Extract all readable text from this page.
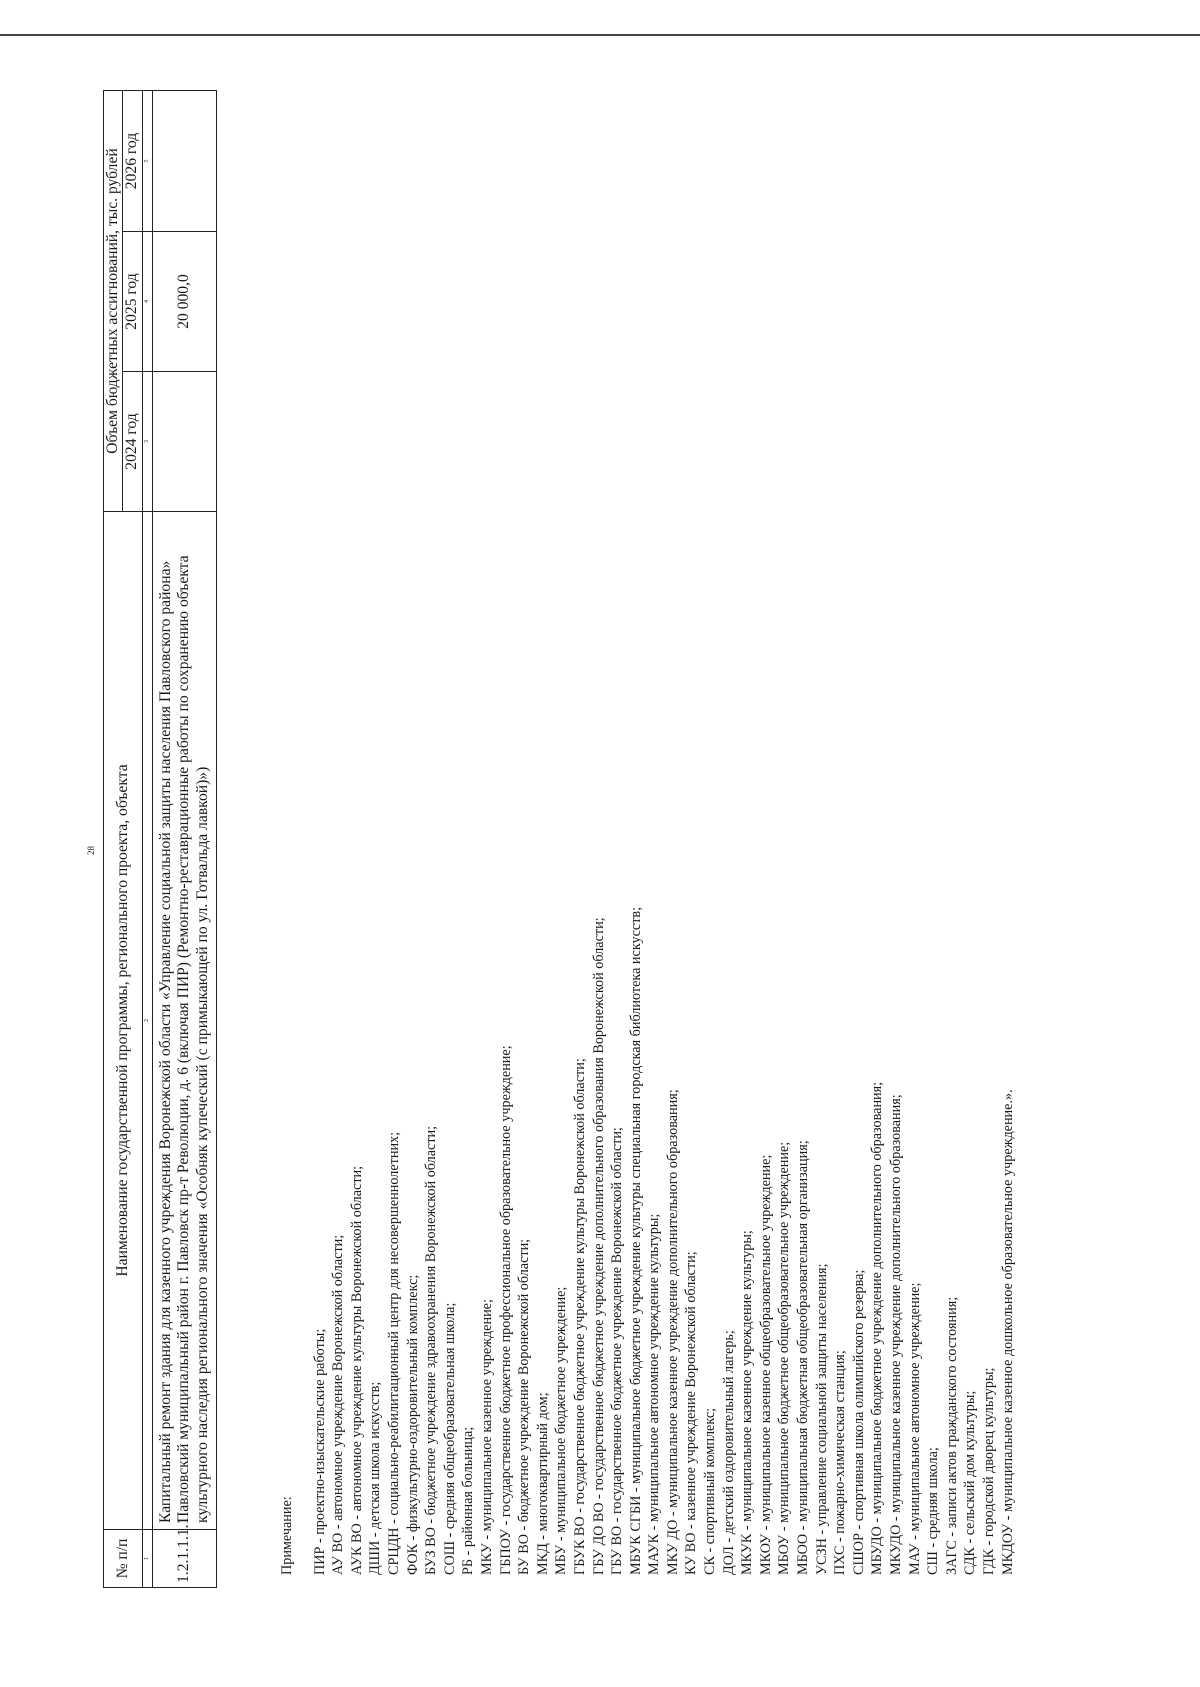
28
№ п/п	Наименование государственной программы, регионального проекта, объекта	Объем бюджетных ассигнований, тыс. рублей		
		2024 год	2025 год	2026 год
1	2	3	4	5
1.2.1.1.1.1	Капитальный ремонт здания для казенного учреждения Воронежской области «Управление социальной защиты населения Павловского района» Павловский муниципальный район г. Павловск пр-т Революции, д. 6 (включая ПИР) (Ремонтно-реставрационные работы по сохранению объекта культурного наследия регионального значения «Особняк купеческий (с примыкающей по ул. Готвальда лавкой)»)		20 000,0	
Примечание: ПИР - проектно-изыскательские работы; АУ ВО - автономное учреждение Воронежской области; АУК ВО - автономное учреждение культуры Воронежской области; ДШИ - детская школа искусств; СРЦДН - социально-реабилитационный центр для несовершеннолетних; ФОК - физкультурно-оздоровительный комплекс; БУЗ ВО - бюджетное учреждение здравоохранения Воронежской области; СОШ - средняя общеобразовательная школа; РБ - районная больница; МКУ - муниципальное казенное учреждение; ГБПОУ - государственное бюджетное профессиональное образовательное учреждение; БУ ВО - бюджетное учреждение Воронежской области; МКД - многоквартирный дом; МБУ - муниципальное бюджетное учреждение; ГБУК ВО - государственное бюджетное учреждение культуры Воронежской области; ГБУ ДО ВО - государственное бюджетное учреждение дополнительного образования Воронежской области; ГБУ ВО - государственное бюджетное учреждение Воронежской области; МБУК СГБИ - муниципальное бюджетное учреждение культуры специальная городская библиотека искусств; МАУК - муниципальное автономное учреждение культуры; МКУ ДО - муниципальное казенное учреждение дополнительного образования; КУ ВО - казенное учреждение Воронежской области; СК - спортивный комплекс; ДОЛ - детский оздоровительный лагерь; МКУК - муниципальное казенное учреждение культуры; МКОУ - муниципальное казенное общеобразовательное учреждение; МБОУ - муниципальное бюджетное общеобразовательное учреждение; МБОО - муниципальная бюджетная общеобразовательная организация; УСЗН - управление социальной защиты населения; ПХС - пожарно-химическая станция; СШОР - спортивная школа олимпийского резерва; МБУДО - муниципальное бюджетное учреждение дополнительного образования; МКУДО - муниципальное казенное учреждение дополнительного образования; МАУ - муниципальное автономное учреждение; СШ - средняя школа; ЗАГС - записи актов гражданского состояния; СДК - сельский дом культуры; ГДК - городской дворец культуры; МКДОУ - муниципальное казенное дошкольное образовательное учреждение.».
